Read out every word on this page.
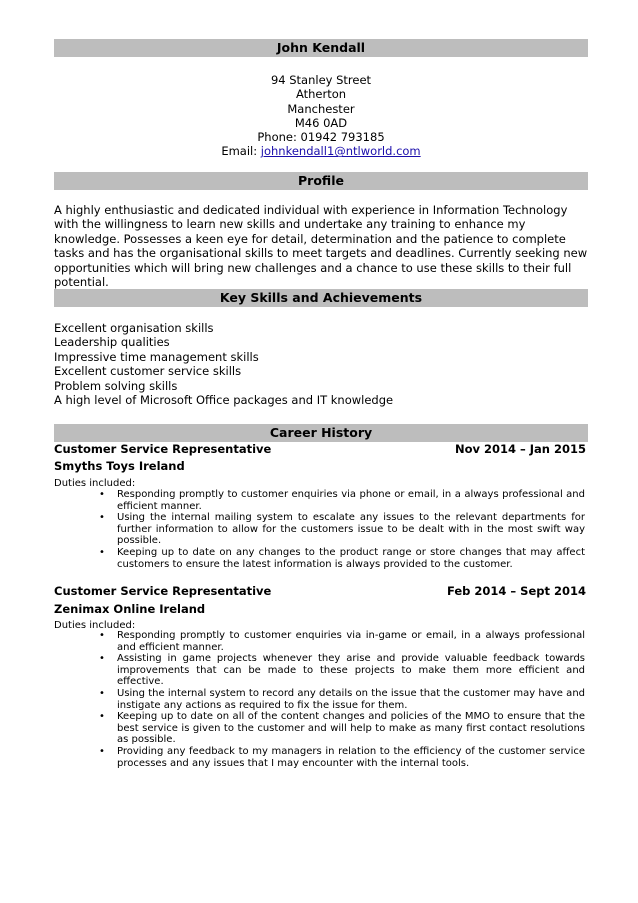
John Kendall
94 Stanley Street
Atherton
Manchester
M46 0AD
Phone: 01942 793185
Email: johnkendall1@ntlworld.com
Profile
A highly enthusiastic and dedicated individual with experience in Information Technology with the willingness to learn new skills and undertake any training to enhance my knowledge. Possesses a keen eye for detail, determination and the patience to complete tasks and has the organisational skills to meet targets and deadlines. Currently seeking new opportunities which will bring new challenges and a chance to use these skills to their full potential.
Key Skills and Achievements
Excellent organisation skills
Leadership qualities
Impressive time management skills
Excellent customer service skills
Problem solving skills
A high level of Microsoft Office packages and IT knowledge
Career History
Customer Service Representative	Nov 2014 – Jan 2015
Smyths Toys Ireland
Duties included:
• Responding promptly to customer enquiries via phone or email, in a always professional and efficient manner.
• Using the internal mailing system to escalate any issues to the relevant departments for further information to allow for the customers issue to be dealt with in the most swift way possible.
• Keeping up to date on any changes to the product range or store changes that may affect customers to ensure the latest information is always provided to the customer.
Customer Service Representative	Feb 2014 – Sept 2014
Zenimax Online Ireland
Duties included:
• Responding promptly to customer enquiries via in-game or email, in a always professional and efficient manner.
• Assisting in game projects whenever they arise and provide valuable feedback towards improvements that can be made to these projects to make them more efficient and effective.
• Using the internal system to record any details on the issue that the customer may have and instigate any actions as required to fix the issue for them.
• Keeping up to date on all of the content changes and policies of the MMO to ensure that the best service is given to the customer and will help to make as many first contact resolutions as possible.
• Providing any feedback to my managers in relation to the efficiency of the customer service processes and any issues that I may encounter with the internal tools.
